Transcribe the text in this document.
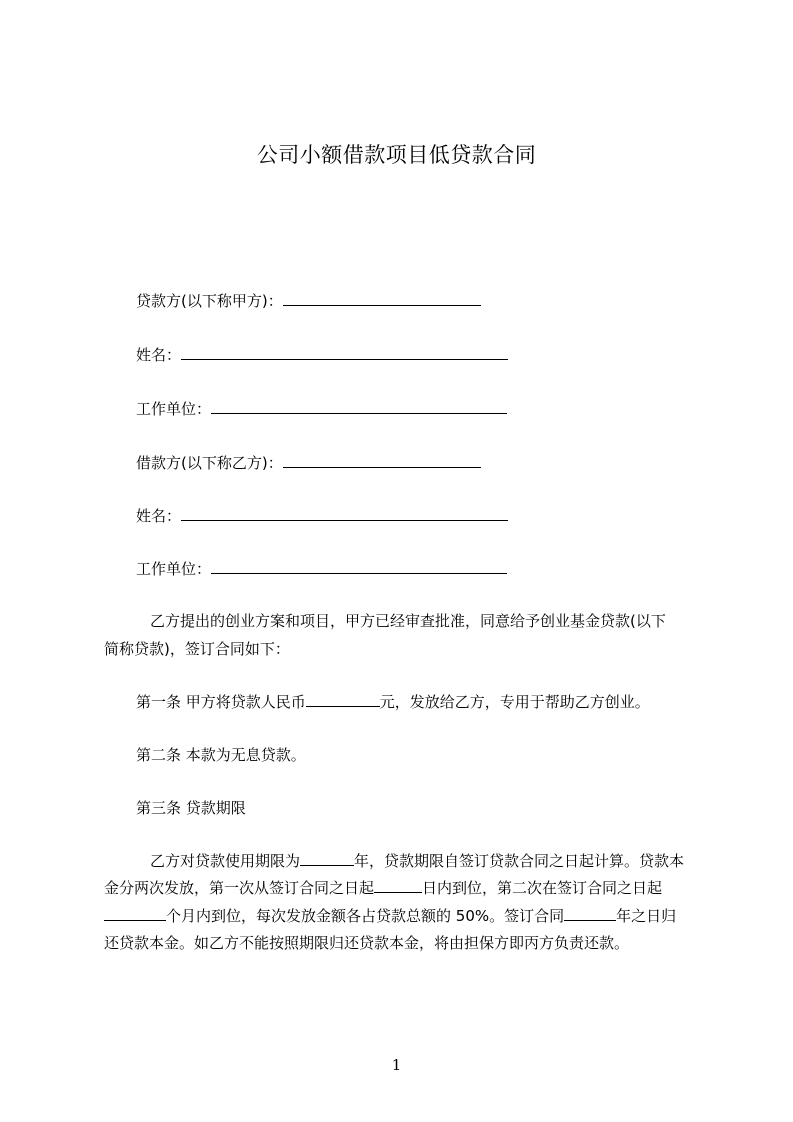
公司小额借款项目低贷款合同
贷款方(以下称甲方)：
姓名：
工作单位：
借款方(以下称乙方)：
姓名：
工作单位：
乙方提出的创业方案和项目，甲方已经审查批准，同意给予创业基金贷款(以下
简称贷款)，签订合同如下：
第一条 甲方将贷款人民币	元，发放给乙方，专用于帮助乙方创业。
第二条 本款为无息贷款。
第三条 贷款期限
乙方对贷款使用期限为	年，贷款期限自签订贷款合同之日起计算。贷款本
金分两次发放，第一次从签订合同之日起	日内到位，第二次在签订合同之日起
个月内到位，每次发放金额各占贷款总额的 50%。签订合同	年之日归
还贷款本金。如乙方不能按照期限归还贷款本金，将由担保方即丙方负责还款。
1
